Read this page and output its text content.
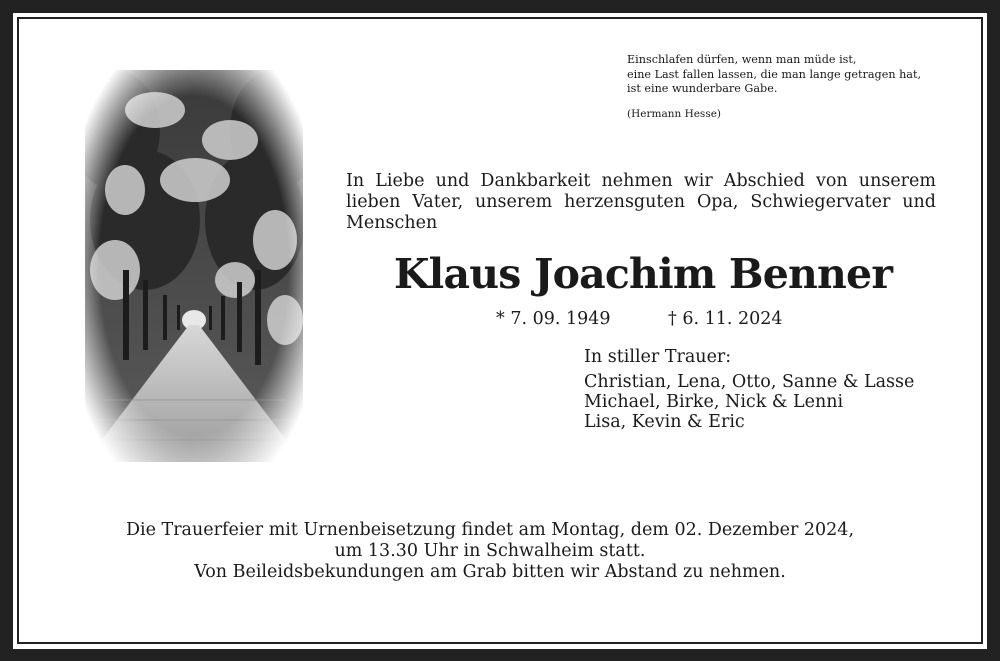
Einschlafen dürfen, wenn man müde ist,
eine Last fallen lassen, die man lange getragen hat,
ist eine wunderbare Gabe.
(Hermann Hesse)
In Liebe und Dankbarkeit nehmen wir Abschied von unserem
lieben Vater, unserem herzensguten Opa, Schwiegervater und
Menschen
Klaus Joachim Benner
* 7. 09. 1949	† 6. 11. 2024
In stiller Trauer:
Christian, Lena, Otto, Sanne & Lasse
Michael, Birke, Nick & Lenni
Lisa, Kevin & Eric
Die Trauerfeier mit Urnenbeisetzung findet am Montag, dem 02. Dezember 2024,
um 13.30 Uhr in Schwalheim statt.
Von Beileidsbekundungen am Grab bitten wir Abstand zu nehmen.
